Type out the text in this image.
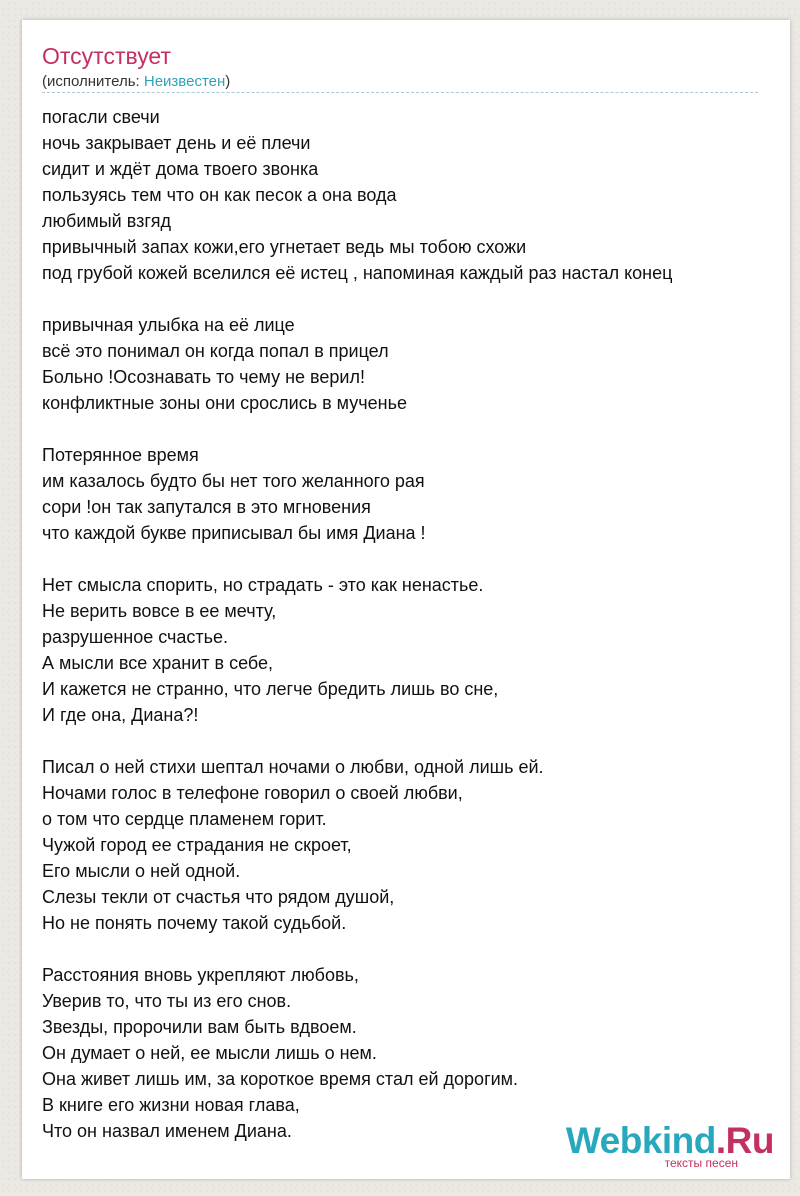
Отсутствует
(исполнитель: Неизвестен)
погасли свечи
ночь закрывает день и её плечи
сидит и ждёт дома твоего звонка
пользуясь тем что он как песок а она вода
любимый взгяд
привычный запах кожи,его угнетает ведь мы тобою схожи
под грубой кожей вселился её истец , напоминая каждый раз настал конец
привычная улыбка на её лице
всё это понимал он когда попал в прицел
Больно !Осознавать то чему не верил!
конфликтные зоны они срослись в мученье
Потерянное время
им казалось будто бы нет того желанного рая
сори !он так запутался в это мгновения
что каждой букве приписывал бы имя Диана !
Нет смысла спорить, но страдать - это как ненастье.
Не верить вовсе в ее мечту,
разрушенное счастье.
А мысли все хранит в себе,
И кажется не странно, что легче бредить лишь во сне,
И где она, Диана?!
Писал о ней стихи шептал ночами о любви, одной лишь ей.
Ночами голос в телефоне говорил о своей любви,
о том что сердце пламенем горит.
Чужой город ее страдания не скроет,
Его мысли о ней одной.
Слезы текли от счастья что рядом душой,
Но не понять почему такой судьбой.
Расстояния вновь укрепляют любовь,
Уверив то, что ты из его снов.
Звезды, пророчили вам быть вдвоем.
Он думает о ней, ее мысли лишь о нем.
Она живет лишь им, за короткое время стал ей дорогим.
В книге его жизни новая глава,
Что он назвал именем Диана.	Webkind.Ru
тексты песен
